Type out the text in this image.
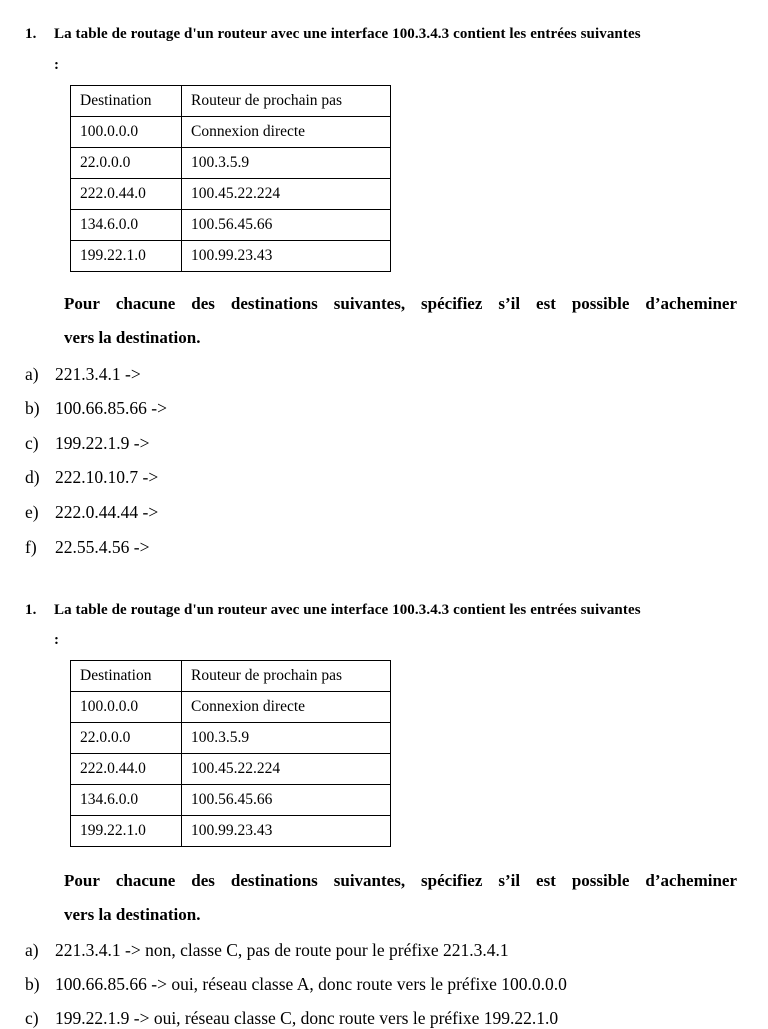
1. La table de routage d'un routeur avec une interface 100.3.4.3 contient les entrées suivantes
:
Destination	Routeur de prochain pas
100.0.0.0	Connexion directe
22.0.0.0	100.3.5.9
222.0.44.0	100.45.22.224
134.6.0.0	100.56.45.66
199.22.1.0	100.99.23.43
Pour chacune des destinations suivantes, spécifiez s’il est possible d’acheminer
vers la destination.
a) 221.3.4.1 ->
b) 100.66.85.66 ->
c) 199.22.1.9 ->
d) 222.10.10.7 ->
e) 222.0.44.44 ->
f) 22.55.4.56 ->
1. La table de routage d'un routeur avec une interface 100.3.4.3 contient les entrées suivantes
:
Destination	Routeur de prochain pas
100.0.0.0	Connexion directe
22.0.0.0	100.3.5.9
222.0.44.0	100.45.22.224
134.6.0.0	100.56.45.66
199.22.1.0	100.99.23.43
Pour chacune des destinations suivantes, spécifiez s’il est possible d’acheminer
vers la destination.
a) 221.3.4.1 -> non, classe C, pas de route pour le préfixe 221.3.4.1
b) 100.66.85.66 -> oui, réseau classe A, donc route vers le préfixe 100.0.0.0
c) 199.22.1.9 -> oui, réseau classe C, donc route vers le préfixe 199.22.1.0
